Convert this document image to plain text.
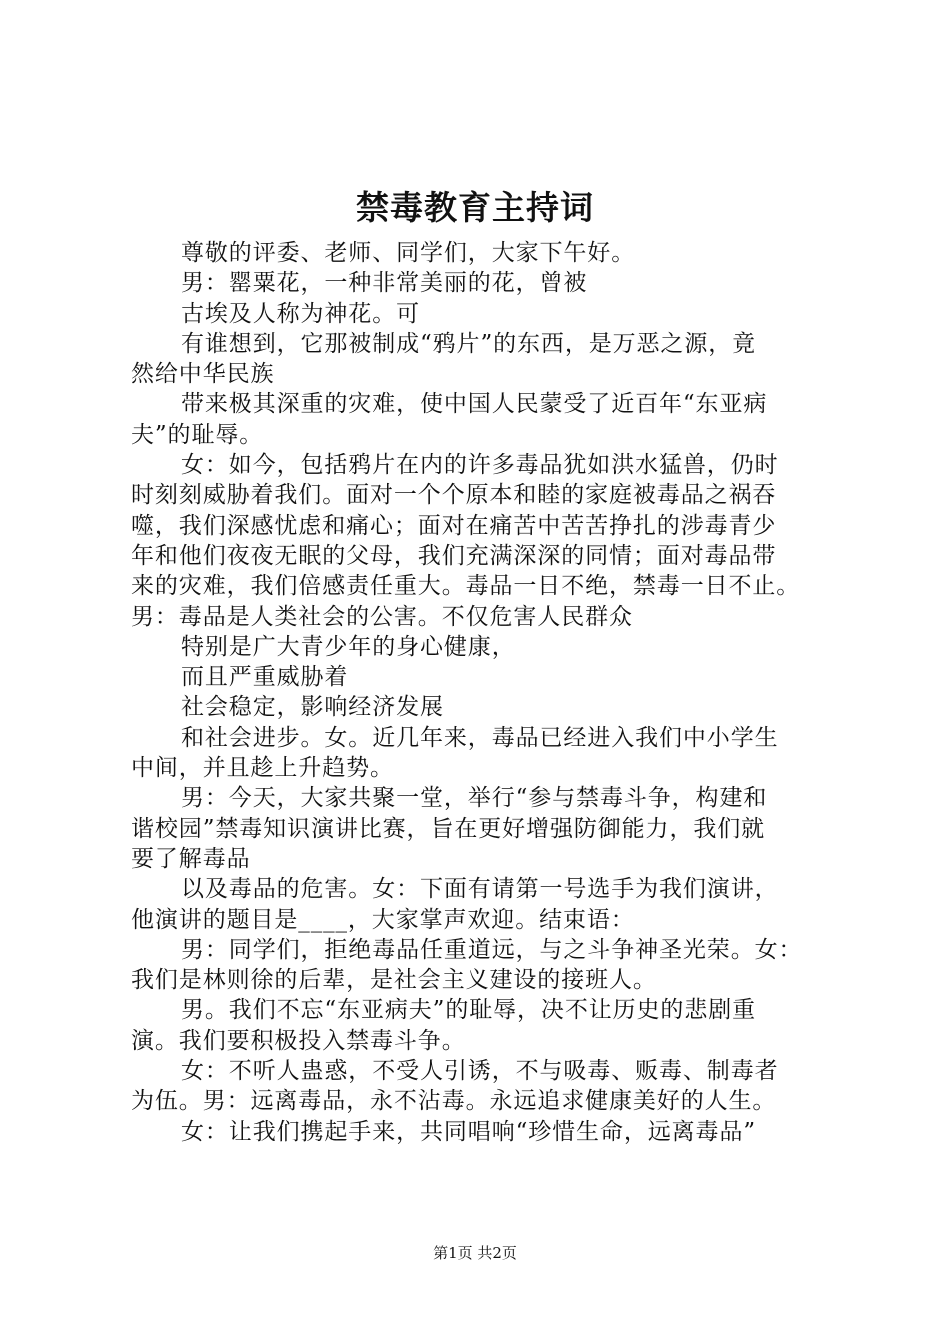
禁毒教育主持词
尊敬的评委、老师、同学们，大家下午好。
男：罂粟花，一种非常美丽的花，曾被
古埃及人称为神花。可
有谁想到，它那被制成“鸦片”的东西，是万恶之源，竟
然给中华民族
带来极其深重的灾难，使中国人民蒙受了近百年“东亚病
夫”的耻辱。
女：如今，包括鸦片在内的许多毒品犹如洪水猛兽，仍时
时刻刻威胁着我们。面对一个个原本和睦的家庭被毒品之祸吞
噬，我们深感忧虑和痛心；面对在痛苦中苦苦挣扎的涉毒青少
年和他们夜夜无眠的父母，我们充满深深的同情；面对毒品带
来的灾难，我们倍感责任重大。毒品一日不绝，禁毒一日不止。
男：毒品是人类社会的公害。不仅危害人民群众
特别是广大青少年的身心健康，
而且严重威胁着
社会稳定，影响经济发展
和社会进步。女。近几年来，毒品已经进入我们中小学生
中间，并且趁上升趋势。
男：今天，大家共聚一堂，举行“参与禁毒斗争，构建和
谐校园”禁毒知识演讲比赛，旨在更好增强防御能力，我们就
要了解毒品
以及毒品的危害。女：下面有请第一号选手为我们演讲，
他演讲的题目是____，大家掌声欢迎。结束语：
男：同学们，拒绝毒品任重道远，与之斗争神圣光荣。女：
我们是林则徐的后辈，是社会主义建设的接班人。
男。我们不忘“东亚病夫”的耻辱，决不让历史的悲剧重
演。我们要积极投入禁毒斗争。
女：不听人蛊惑，不受人引诱，不与吸毒、贩毒、制毒者
为伍。男：远离毒品，永不沾毒。永远追求健康美好的人生。
女：让我们携起手来，共同唱响“珍惜生命，远离毒品”
第1页 共2页
